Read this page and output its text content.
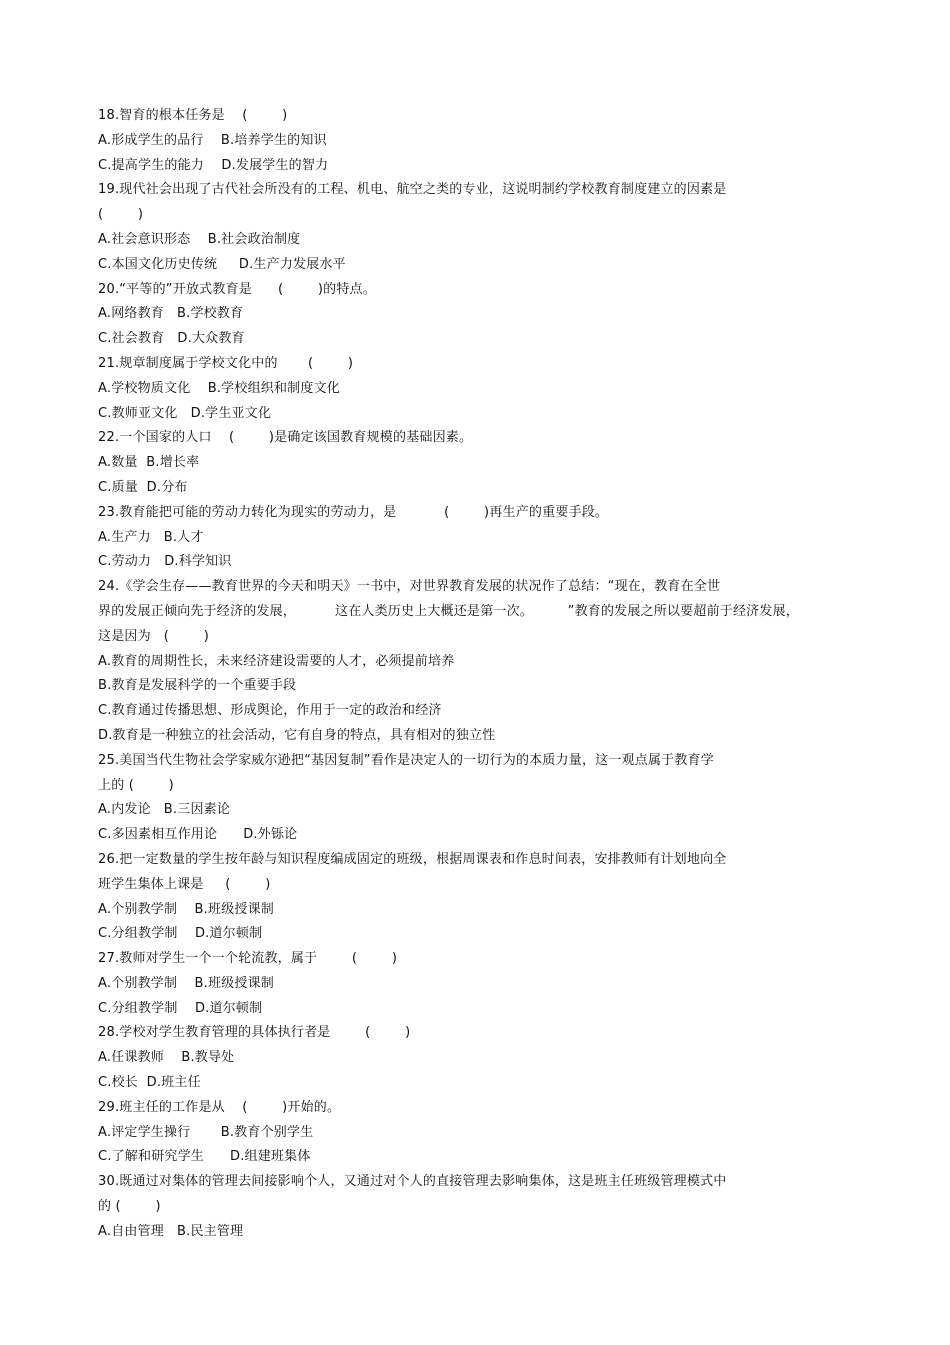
18.智育的根本任务是    (        )
A.形成学生的品行    B.培养学生的知识
C.提高学生的能力    D.发展学生的智力
19.现代社会出现了古代社会所没有的工程、机电、航空之类的专业，这说明制约学校教育制度建立的因素是
(        )
A.社会意识形态    B.社会政治制度
C.本国文化历史传统     D.生产力发展水平
20.“平等的”开放式教育是      (        )的特点。
A.网络教育   B.学校教育
C.社会教育   D.大众教育
21.规章制度属于学校文化中的       (        )
A.学校物质文化    B.学校组织和制度文化
C.教师亚文化   D.学生亚文化
22.一个国家的人口    (        )是确定该国教育规模的基础因素。
A.数量  B.增长率
C.质量  D.分布
23.教育能把可能的劳动力转化为现实的劳动力，是           (        )再生产的重要手段。
A.生产力   B.人才
C.劳动力   D.科学知识
24.《学会生存——教育世界的今天和明天》一书中，对世界教育发展的状况作了总结：“现在，教育在全世
界的发展正倾向先于经济的发展，         这在人类历史上大概还是第一次。        ”教育的发展之所以要超前于经济发展，
这是因为   (        )
A.教育的周期性长，未来经济建设需要的人才，必须提前培养
B.教育是发展科学的一个重要手段
C.教育通过传播思想、形成舆论，作用于一定的政治和经济
D.教育是一种独立的社会活动，它有自身的特点，具有相对的独立性
25.美国当代生物社会学家威尔逊把“基因复制”看作是决定人的一切行为的本质力量，这一观点属于教育学
上的 (        )
A.内发论   B.三因素论
C.多因素相互作用论      D.外铄论
26.把一定数量的学生按年龄与知识程度编成固定的班级，根据周课表和作息时间表，安排教师有计划地向全
班学生集体上课是     (        )
A.个别教学制    B.班级授课制
C.分组教学制    D.道尔顿制
27.教师对学生一个一个轮流教，属于        (        )
A.个别教学制    B.班级授课制
C.分组教学制    D.道尔顿制
28.学校对学生教育管理的具体执行者是        (        )
A.任课教师    B.教导处
C.校长  D.班主任
29.班主任的工作是从    (        )开始的。
A.评定学生操行       B.教育个别学生
C.了解和研究学生      D.组建班集体
30.既通过对集体的管理去间接影响个人，又通过对个人的直接管理去影响集体，这是班主任班级管理模式中
的 (        )
A.自由管理   B.民主管理
